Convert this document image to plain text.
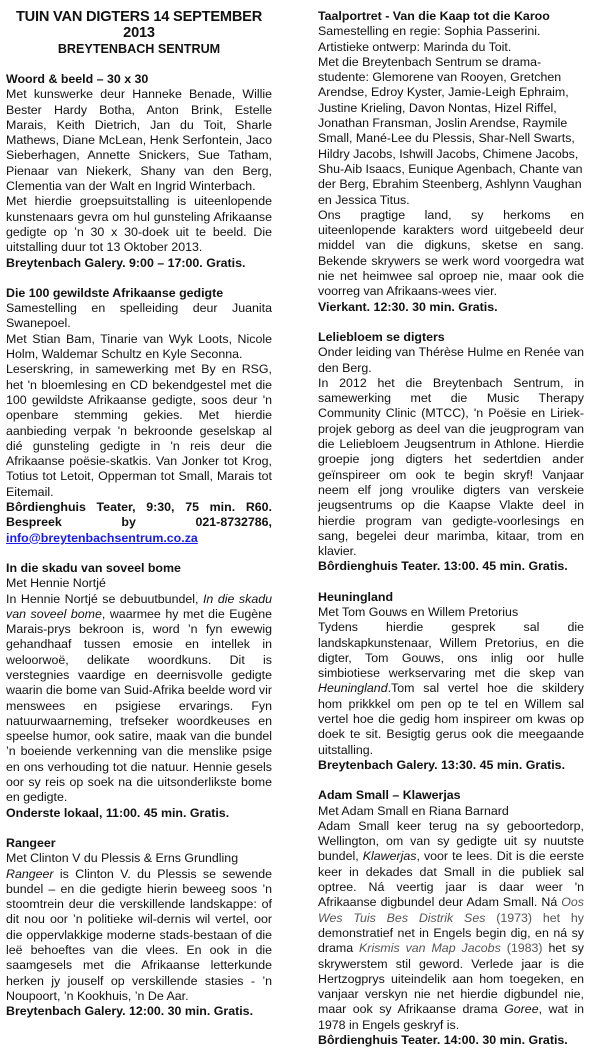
TUIN VAN DIGTERS 14 SEPTEMBER 2013
BREYTENBACH SENTRUM
Woord & beeld – 30 x 30

Met kunswerke deur Hanneke Benade, Willie Bester Hardy Botha, Anton Brink, Estelle Marais, Keith Dietrich, Jan du Toit, Sharle Mathews, Diane McLean, Henk Serfontein, Jaco Sieberhagen, Annette Snickers, Sue Tatham, Pienaar van Niekerk, Shany van den Berg, Clementia van der Walt en Ingrid Winterbach.

Met hierdie groepsuitstalling is uiteenlopende kunstenaars gevra om hul gunsteling Afrikaanse gedigte op ’n 30 x 30-doek uit te beeld. Die uitstalling duur tot 13 Oktober 2013.

Breytenbach Galery. 9:00 – 17:00. Gratis.
Die 100 gewildste Afrikaanse gedigte

Samestelling en spelleiding deur Juanita Swanepoel.

Met Stian Bam, Tinarie van Wyk Loots, Nicole Holm, Waldemar Schultz en Kyle Seconna.

Leserskring, in samewerking met By en RSG, het 'n bloemlesing en CD bekendgestel met die 100 gewildste Afrikaanse gedigte, soos deur 'n openbare stemming gekies. Met hierdie aanbieding verpak 'n bekroonde geselskap al dié gunsteling gedigte in 'n reis deur die Afrikaanse poësie-skatkis. Van Jonker tot Krog, Totius tot Letoit, Opperman tot Small, Marais tot Eitemail.

Bôrdienghuis Teater, 9:30, 75 min. R60. Bespreek by 021-8732786, info@breytenbachsentrum.co.za

In die skadu van soveel bome

Met Hennie Nortjé

In Hennie Nortjé se debuutbundel, In die skadu van soveel bome, waarmee hy met die Eugène Marais-prys bekroon is, word ’n fyn ewewig gehandhaaf tussen emosie en intellek in weloorwoë, delikate woordkuns. Dit is verstegnies vaardige en deernisvolle gedigte waarin die bome van Suid-Afrika beelde word vir menswees en psigiese ervarings. Fyn natuurwaarneming, trefseker woordkeuses en speelse humor, ook satire, maak van die bundel ’n boeiende verkenning van die menslike psige en ons verhouding tot die natuur. Hennie gesels oor sy reis op soek na die uitsonderlikste bome en gedigte.

Onderste lokaal, 11:00. 45 min. Gratis.
Rangeer

Met Clinton V du Plessis & Erns Grundling

Rangeer is Clinton V. du Plessis se sewende bundel – en die gedigte hierin beweeg soos ’n stoomtrein deur die verskillende landskappe: of dit nou oor ’n politieke wil-dernis wil vertel, oor die oppervlakkige moderne stads-bestaan of die leë behoeftes van die vlees. En ook in die saamgesels met die Afrikaanse letterkunde herken jy jouself op verskillende stasies - ’n Noupoort, ’n Kookhuis, ’n De Aar.

Breytenbach Galery. 12:00. 30 min. Gratis.
Taalportret - Van die Kaap tot die Karoo
Samestelling en regie: Sophia Passerini.
Artistieke ontwerp: Marinda du Toit.
Met die Breytenbach Sentrum se drama-studente: Glemorene van Rooyen, Gretchen Arendse, Edroy Kyster, Jamie-Leigh Ephraim, Justine Krieling, Davon Nontas, Hizel Riffel, Jonathan Fransman, Joslin Arendse, Raymile Small, Mané-Lee du Plessis, Shar-Nell Swarts, Hildry Jacobs, Ishwill Jacobs, Chimene Jacobs, Shu-Aib Isaacs, Eunique Agenbach, Chante van der Berg, Ebrahim Steenberg, Ashlynn Vaughan en Jessica Titus.

Ons pragtige land, sy herkoms en uiteenlopende karakters word uitgebeeld deur middel van die digkuns, sketse en sang. Bekende skrywers se werk word voorgedra wat nie net heimwee sal oproep nie, maar ook die voorreg van Afrikaans-wees vier.

Vierkant. 12:30. 30 min. Gratis.
Leliebloem se digters

Onder leiding van Thérèse Hulme en Renée van den Berg.

In 2012 het die Breytenbach Sentrum, in samewerking met die Music Therapy Community Clinic (MTCC), 'n Poësie en Liriek- projek geborg as deel van die jeugprogram van die Leliebloem Jeugsentrum in Athlone. Hierdie groepie jong digters het sedertdien ander geïnspireer om ook te begin skryf! Vanjaar neem elf jong vroulike digters van verskeie jeugsentrums op die Kaapse Vlakte deel in hierdie program van gedigte-voorlesings en sang, begelei deur marimba, kitaar, trom en klavier.

Bôrdienghuis Teater. 13:00. 45 min. Gratis.
Heuningland

Met Tom Gouws en Willem Pretorius

Tydens hierdie gesprek sal die landskapkunstenaar, Willem Pretorius, en die digter, Tom Gouws, ons inlig oor hulle simbiotiese werkservaring met die skep van Heuningland.Tom sal vertel hoe die skildery hom prikkkel om pen op te tel en Willem sal vertel hoe die gedig hom inspireer om kwas op doek te sit. Besigtig gerus ook die meegaande uitstalling.

Breytenbach Galery. 13:30. 45 min. Gratis.
Adam Small – Klawerjas

Met Adam Small en Riana Barnard

Adam Small keer terug na sy geboortedorp, Wellington, om van sy gedigte uit sy nuutste bundel, Klawerjas, voor te lees. Dit is die eerste keer in dekades dat Small in die publiek sal optree. Ná veertig jaar is daar weer 'n Afrikaanse digbundel deur Adam Small. Ná Oos Wes Tuis Bes Distrik Ses (1973) het hy demonstratief net in Engels begin dig, en ná sy drama Krismis van Map Jacobs (1983) het sy skrywerstem stil geword. Verlede jaar is die Hertzogprys uiteindelik aan hom toegeken, en vanjaar verskyn nie net hierdie digbundel nie, maar ook sy Afrikaanse drama Goree, wat in 1978 in Engels geskryf is.

Bôrdienghuis Teater. 14:00. 30 min. Gratis.
